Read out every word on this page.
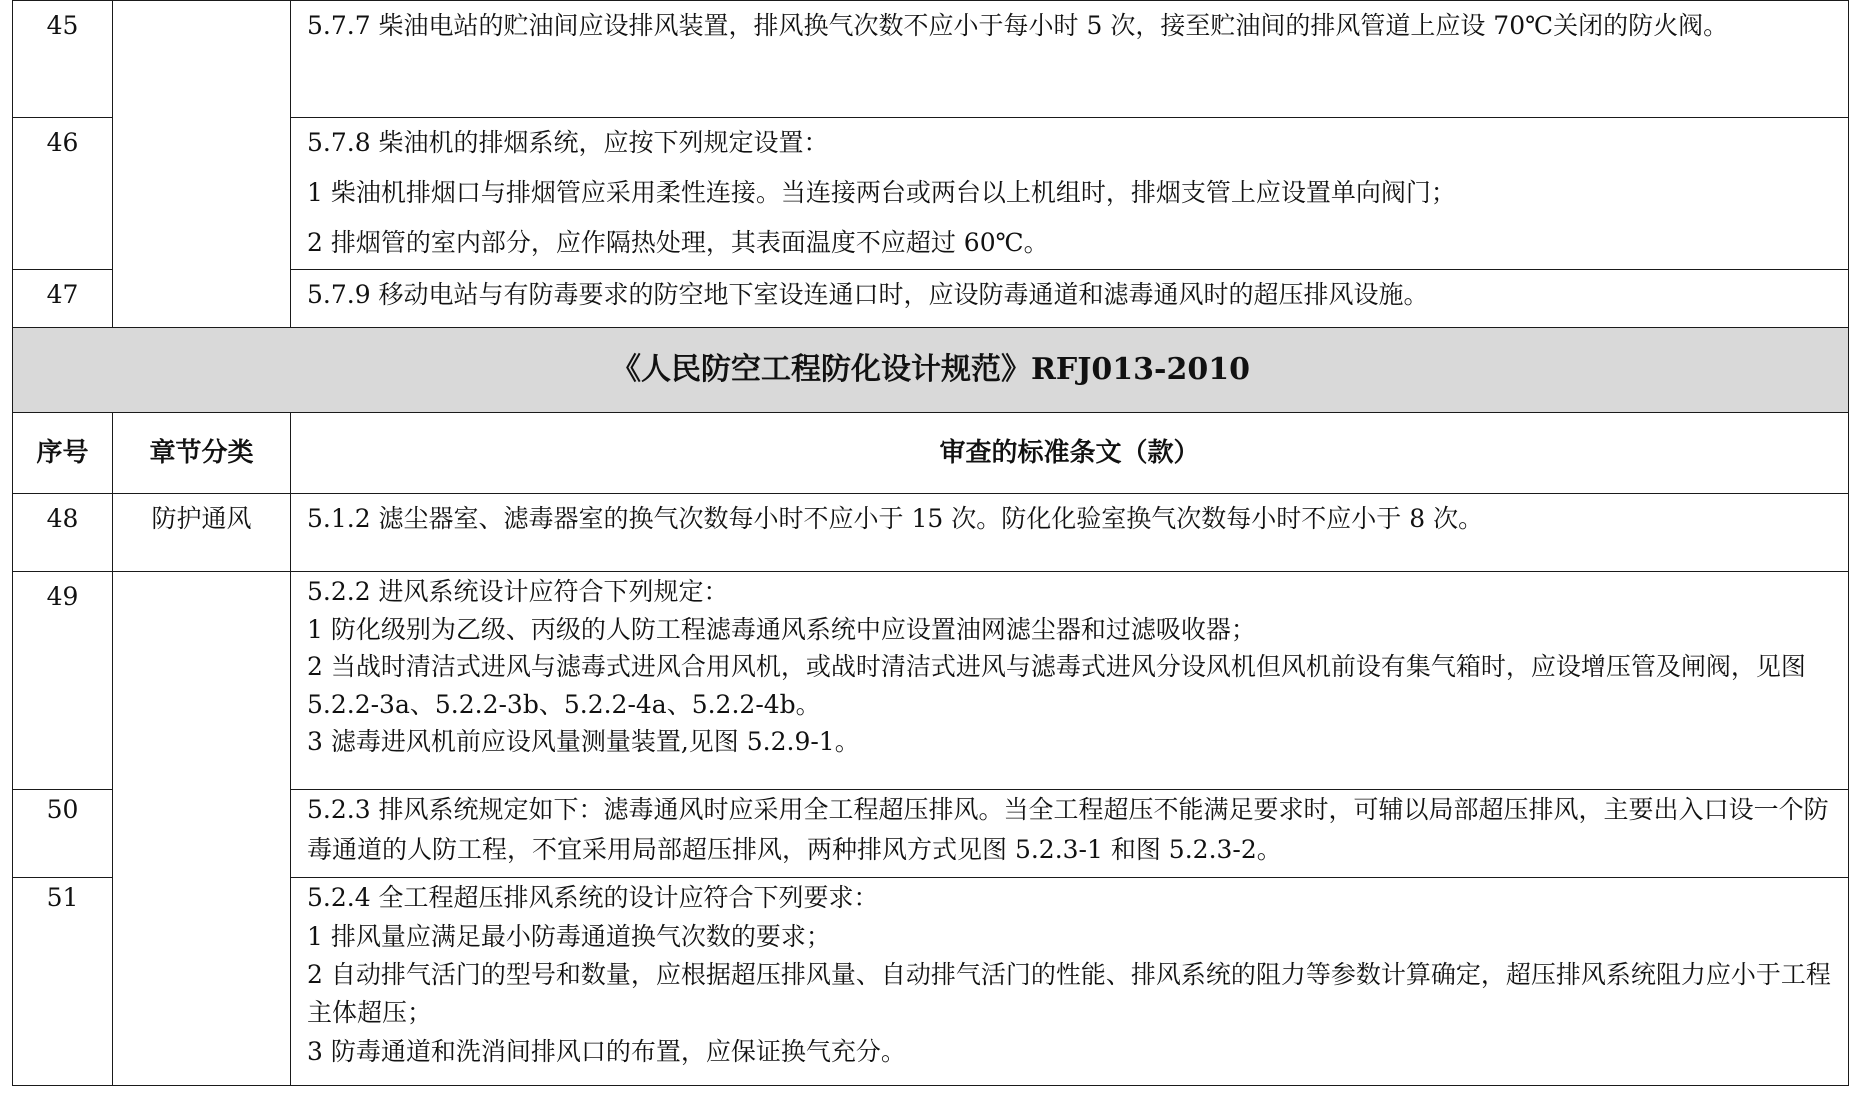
45		5.7.7 柴油电站的贮油间应设排风装置，排风换气次数不应小于每小时 5 次，接至贮油间的排风管道上应设 70℃关闭的防火阀。

46		5.7.8 柴油机的排烟系统，应按下列规定设置：

1 柴油机排烟口与排烟管应采用柔性连接。当连接两台或两台以上机组时，排烟支管上应设置单向阀门；

2 排烟管的室内部分，应作隔热处理，其表面温度不应超过 60℃。

47		5.7.9 移动电站与有防毒要求的防空地下室设连通口时，应设防毒通道和滤毒通风时的超压排风设施。

《人民防空工程防化设计规范》RFJ013-2010		
序号	章节分类	审查的标准条文（款）
48	防护通风	5.1.2 滤尘器室、滤毒器室的换气次数每小时不应小于 15 次。防化化验室换气次数每小时不应小于 8 次。

49		5.2.2 进风系统设计应符合下列规定：

1 防化级别为乙级、丙级的人防工程滤毒通风系统中应设置油网滤尘器和过滤吸收器；

2 当战时清洁式进风与滤毒式进风合用风机，或战时清洁式进风与滤毒式进风分设风机但风机前设有集气箱时，应设增压管及闸阀，见图 5.2.2-3a、5.2.2-3b、5.2.2-4a、5.2.2-4b。

3 滤毒进风机前应设风量测量装置,见图 5.2.9-1。

50		5.2.3 排风系统规定如下：滤毒通风时应采用全工程超压排风。当全工程超压不能满足要求时，可辅以局部超压排风，主要出入口设一个防毒通道的人防工程，不宜采用局部超压排风，两种排风方式见图 5.2.3-1 和图 5.2.3-2。

51		5.2.4 全工程超压排风系统的设计应符合下列要求：

1 排风量应满足最小防毒通道换气次数的要求；

2 自动排气活门的型号和数量，应根据超压排风量、自动排气活门的性能、排风系统的阻力等参数计算确定，超压排风系统阻力应小于工程主体超压；

3 防毒通道和洗消间排风口的布置，应保证换气充分。
